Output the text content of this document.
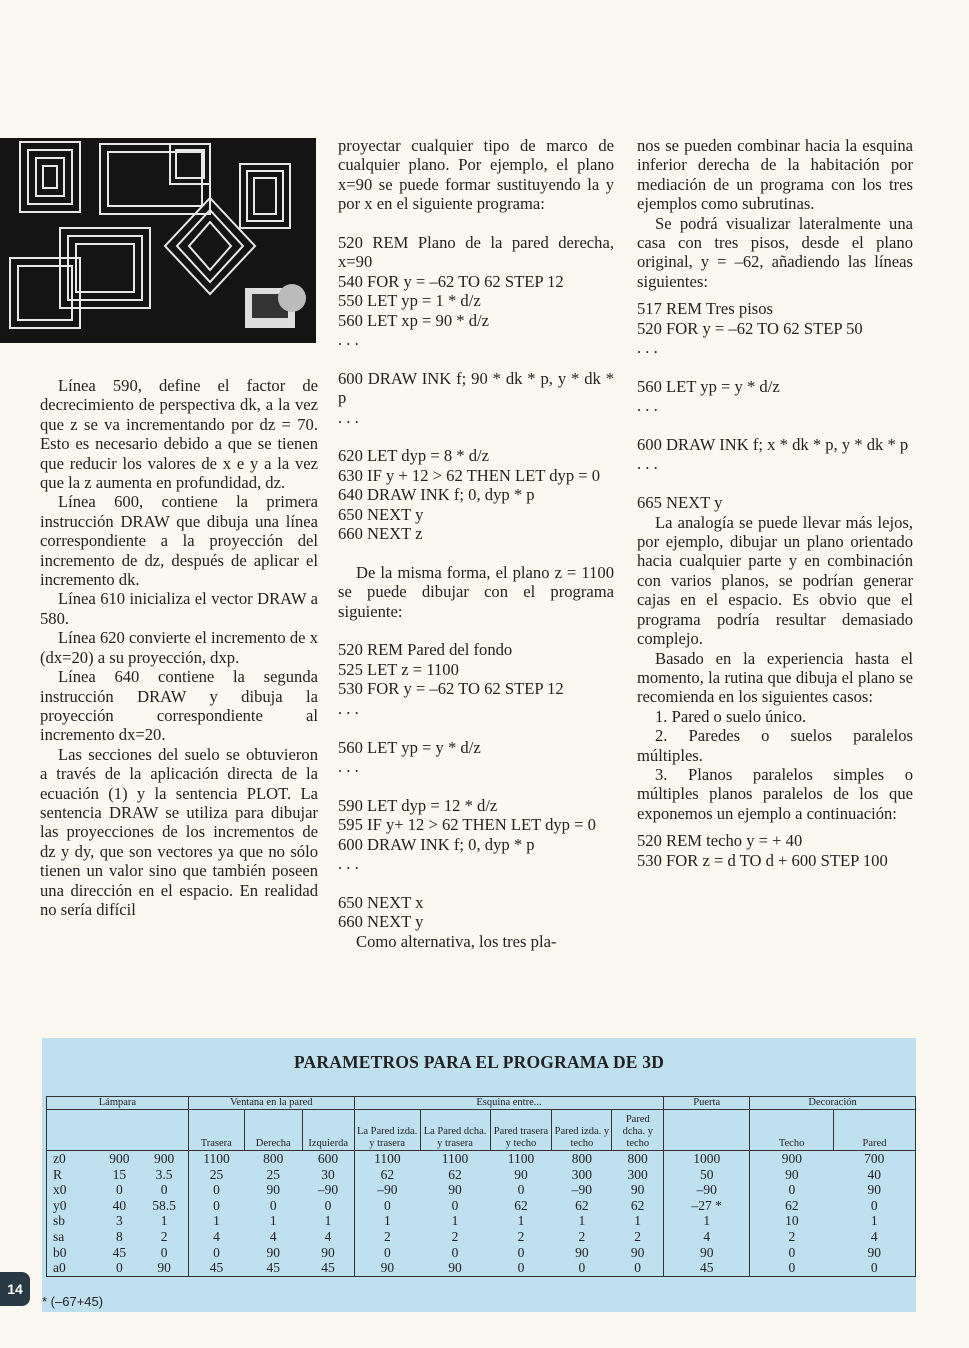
Línea 590, define el factor de decrecimiento de perspectiva dk, a la vez que z se va incrementando por dz = 70. Esto es necesario debido a que se tienen que reducir los valores de x e y a la vez que la z aumenta en profundidad, dz.

Línea 600, contiene la primera instrucción DRAW que dibuja una línea correspondiente a la proyección del incremento de dz, después de aplicar el incremento dk.

Línea 610 inicializa el vector DRAW a 580.

Línea 620 convierte el incremento de x (dx=20) a su proyección, dxp.

Línea 640 contiene la segunda instrucción DRAW y dibuja la proyección correspondiente al incremento dx=20.

Las secciones del suelo se obtuvieron a través de la aplicación directa de la ecuación (1) y la sentencia PLOT. La sentencia DRAW se utiliza para dibujar las proyecciones de los incrementos de dz y dy, que son vectores ya que no sólo tienen un valor sino que también poseen una dirección en el espacio. En realidad no sería difícil

proyectar cualquier tipo de marco de cualquier plano. Por ejemplo, el plano x=90 se puede formar sustituyendo la y por x en el siguiente programa:

520 REM Plano de la pared derecha, x=90
540 FOR y = –62 TO 62 STEP 12
550 LET yp = 1 * d/z
560 LET xp = 90 * d/z

. . .

600 DRAW INK f; 90 * dk * p, y * dk * p

. . .

620 LET dyp = 8 * d/z
630 IF y + 12 > 62 THEN LET dyp = 0
640 DRAW INK f; 0, dyp * p
650 NEXT y
660 NEXT z

De la misma forma, el plano z = 1100 se puede dibujar con el programa siguiente:

520 REM Pared del fondo
525 LET z = 1100
530 FOR y = –62 TO 62 STEP 12

. . .

560 LET yp = y * d/z

. . .

590 LET dyp = 12 * d/z
595 IF y+ 12 > 62 THEN LET dyp = 0
600 DRAW INK f; 0, dyp * p

. . .

650 NEXT x
660 NEXT y

Como alternativa, los tres pla-

nos se pueden combinar hacia la esquina inferior derecha de la habitación por mediación de un programa con los tres ejemplos como subrutinas.

Se podrá visualizar lateralmente una casa con tres pisos, desde el plano original, y = –62, añadiendo las líneas siguientes:

517 REM Tres pisos
520 FOR y = –62 TO 62 STEP 50

. . .

560 LET yp = y * d/z

. . .

600 DRAW INK f; x * dk * p, y * dk * p

. . .

665 NEXT y

La analogía se puede llevar más lejos, por ejemplo, dibujar un plano orientado hacia cualquier parte y en combinación con varios planos, se podrían generar cajas en el espacio. Es obvio que el programa podría resultar demasiado complejo.

Basado en la experiencia hasta el momento, la rutina que dibuja el plano se recomienda en los siguientes casos:

1. Pared o suelo único.

2. Paredes o suelos paralelos múltiples.

3. Planos paralelos simples o múltiples planos paralelos de los que exponemos un ejemplo a continuación:

520 REM techo y = + 40
530 FOR z = d TO d + 600 STEP 100
PARAMETROS PARA EL PROGRAMA DE 3D
Lámpara			Ventana en la pared			Esquina entre...					Puerta	Decoración	
			Trasera	Derecha	Izquierda	La Pared izda. y trasera	La Pared dcha. y trasera	Pared trasera y techo	Pared izda. y techo	Pared dcha. y techo		Techo	Pared
z0	900	900	1100	800	600	1100	1100	1100	800	800	1000	900	700
R	15	3.5	25	25	30	62	62	90	300	300	50	90	40
x0	0	0	0	90	–90	–90	90	0	–90	90	–90	0	90
y0	40	58.5	0	0	0	0	0	62	62	62	–27 *	62	0
sb	3	1	1	1	1	1	1	1	1	1	1	10	1
sa	8	2	4	4	4	2	2	2	2	2	4	2	4
b0	45	0	0	90	90	0	0	0	90	90	90	0	90
a0	0	90	45	45	45	90	90	0	0	0	45	0	0
* (–67+45)
14
